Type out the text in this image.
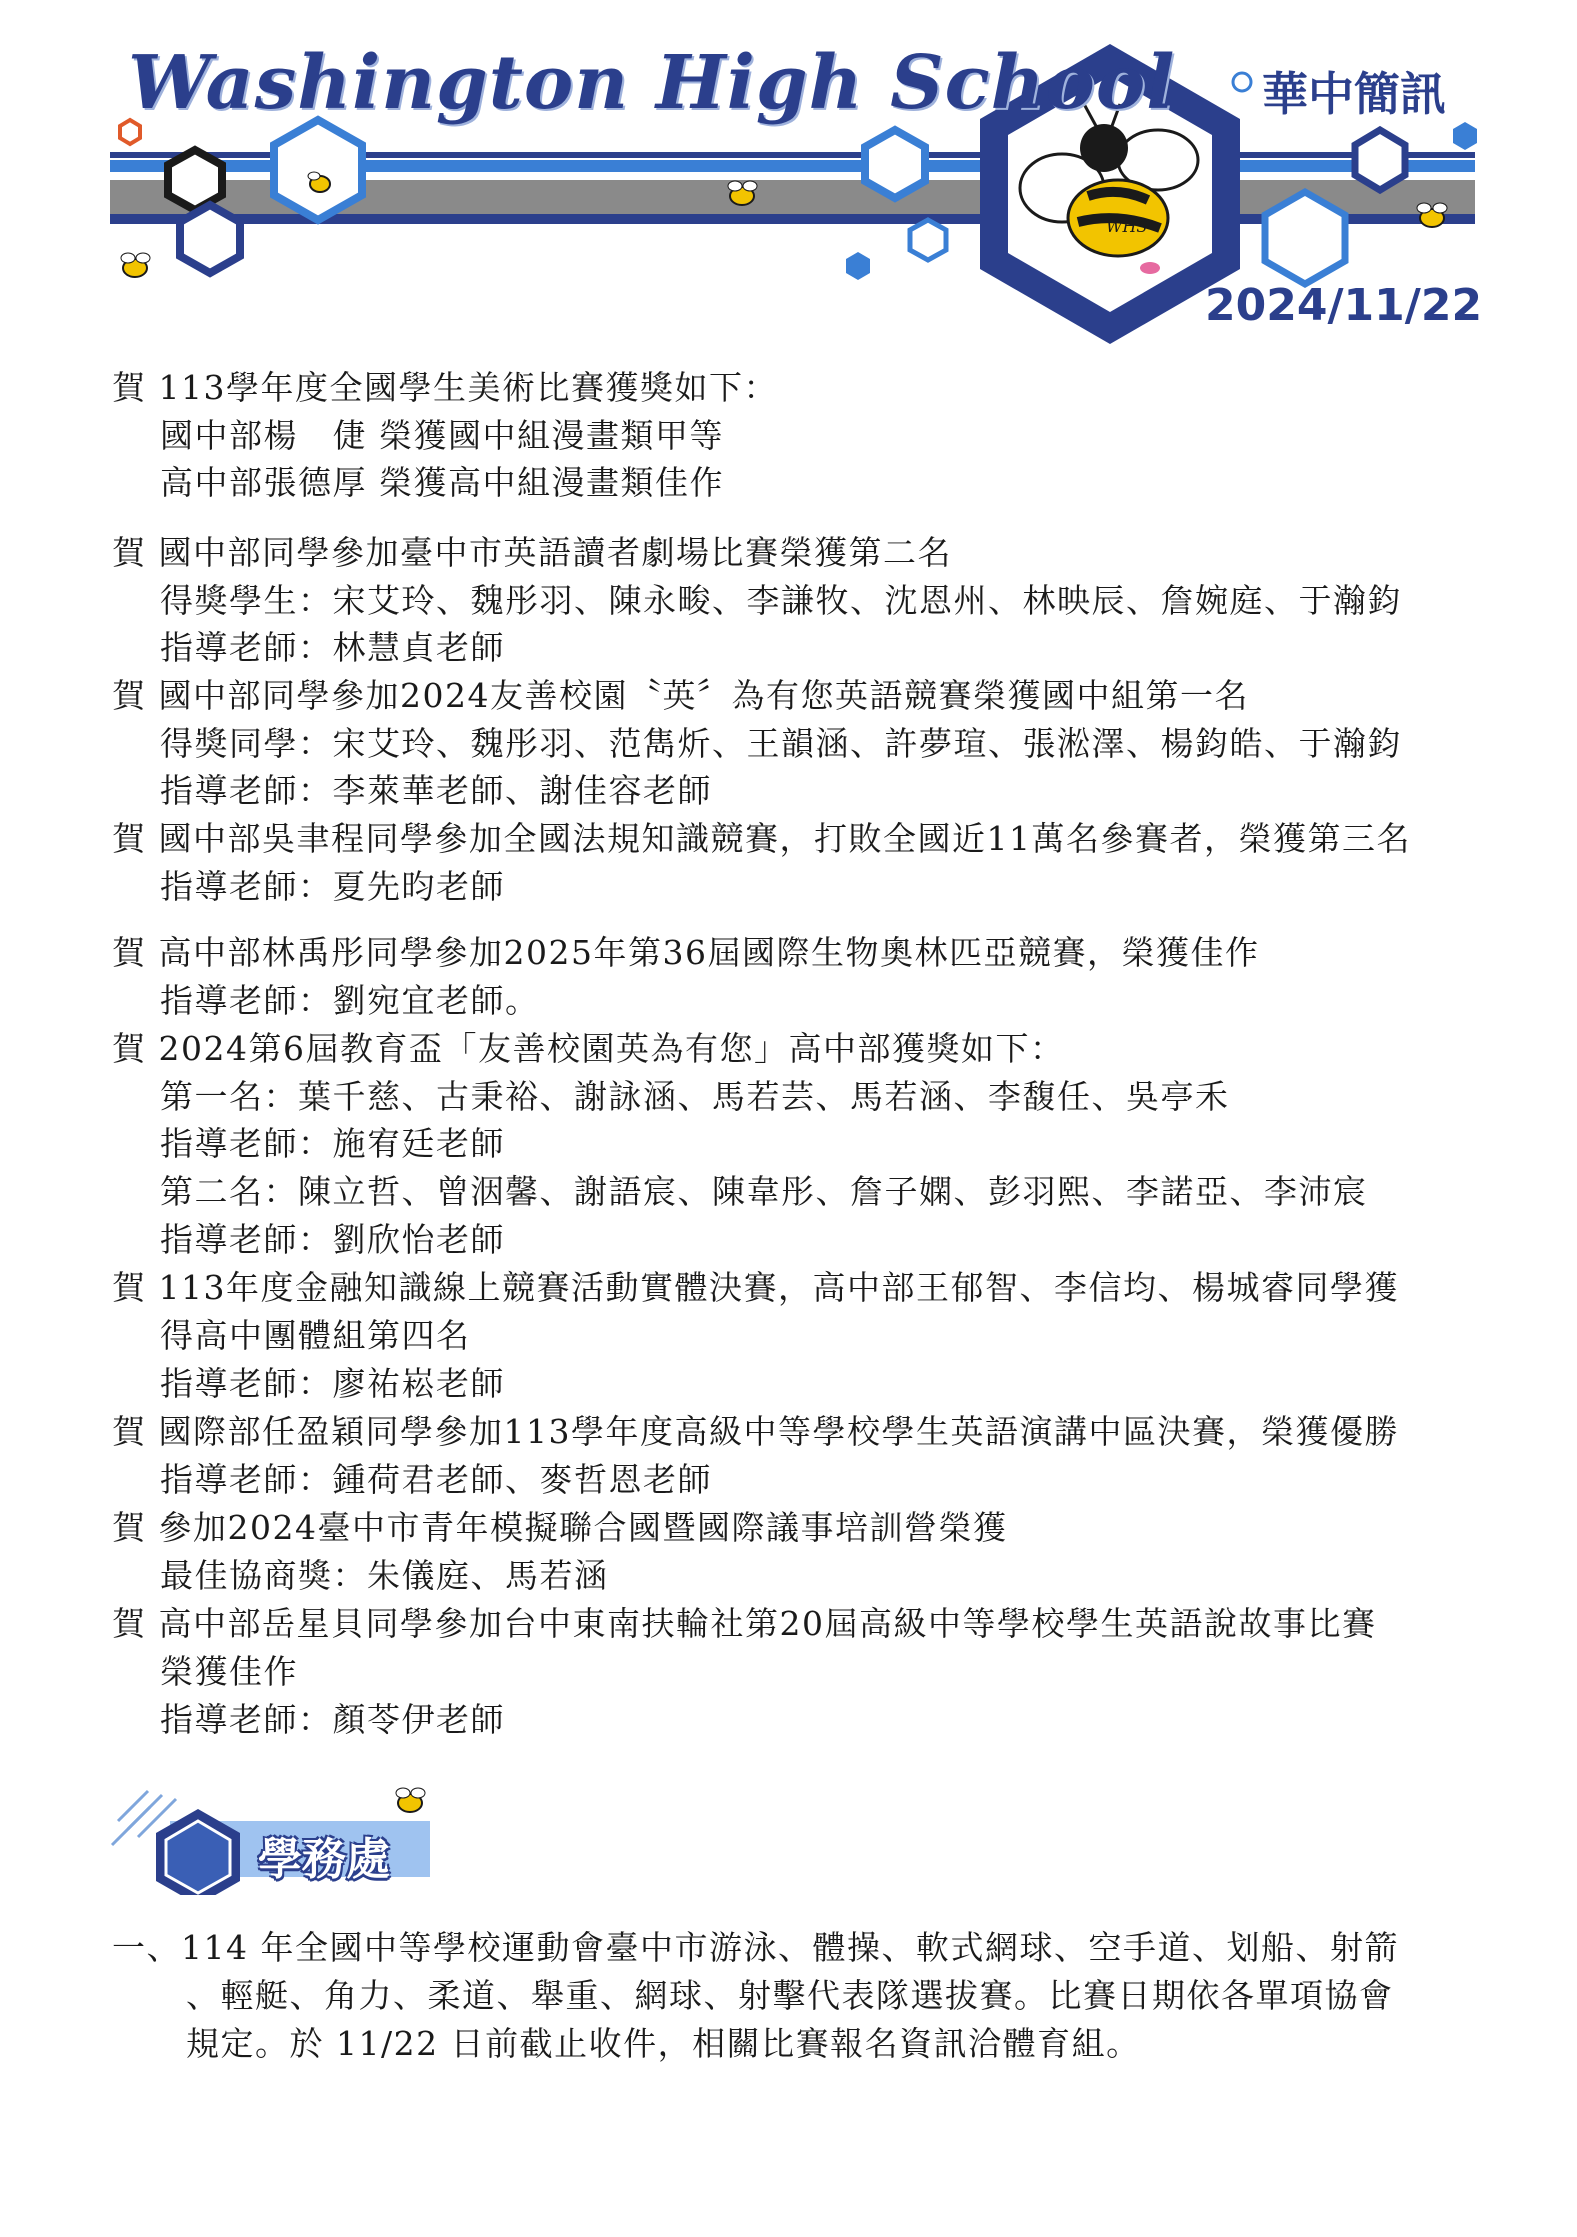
WHS
Washington High School 華中簡訊
2024/11/22
賀 113學年度全國學生美術比賽獲獎如下：
國中部楊　倢 榮獲國中組漫畫類甲等
高中部張德厚 榮獲高中組漫畫類佳作
賀 國中部同學參加臺中市英語讀者劇場比賽榮獲第二名
得獎學生：宋艾玲、魏彤羽、陳永畯、李謙牧、沈恩州、林映辰、詹婉庭、于瀚鈞
指導老師：林慧貞老師
賀 國中部同學參加2024友善校園〝英〞為有您英語競賽榮獲國中組第一名
得獎同學：宋艾玲、魏彤羽、范雋炘、王韻涵、許夢瑄、張淞澤、楊鈞皓、于瀚鈞
指導老師：李萊華老師、謝佳容老師
賀 國中部吳聿程同學參加全國法規知識競賽，打敗全國近11萬名參賽者，榮獲第三名
指導老師：夏先昀老師
賀 高中部林禹彤同學參加2025年第36屆國際生物奧林匹亞競賽，榮獲佳作
指導老師：劉宛宜老師。
賀 2024第6屆教育盃「友善校園英為有您」高中部獲獎如下：
第一名：葉千慈、古秉裕、謝詠涵、馬若芸、馬若涵、李馥任、吳亭禾
指導老師：施宥廷老師
第二名：陳立哲、曾洇馨、謝語宸、陳韋彤、詹子嫻、彭羽熙、李諾亞、李沛宸
指導老師：劉欣怡老師
賀 113年度金融知識線上競賽活動實體決賽，高中部王郁智、李信均、楊城睿同學獲
得高中團體組第四名
指導老師：廖祐崧老師
賀 國際部任盈穎同學參加113學年度高級中等學校學生英語演講中區決賽，榮獲優勝
指導老師：鍾荷君老師、麥哲恩老師
賀 參加2024臺中市青年模擬聯合國暨國際議事培訓營榮獲
最佳協商獎：朱儀庭、馬若涵
賀 高中部岳星貝同學參加台中東南扶輪社第20屆高級中等學校學生英語說故事比賽
榮獲佳作
指導老師：顏苓伊老師
學務處
一、114 年全國中等學校運動會臺中市游泳、體操、軟式網球、空手道、划船、射箭
、輕艇、角力、柔道、舉重、網球、射擊代表隊選拔賽。比賽日期依各單項協會
規定。於 11/22 日前截止收件，相關比賽報名資訊洽體育組。
